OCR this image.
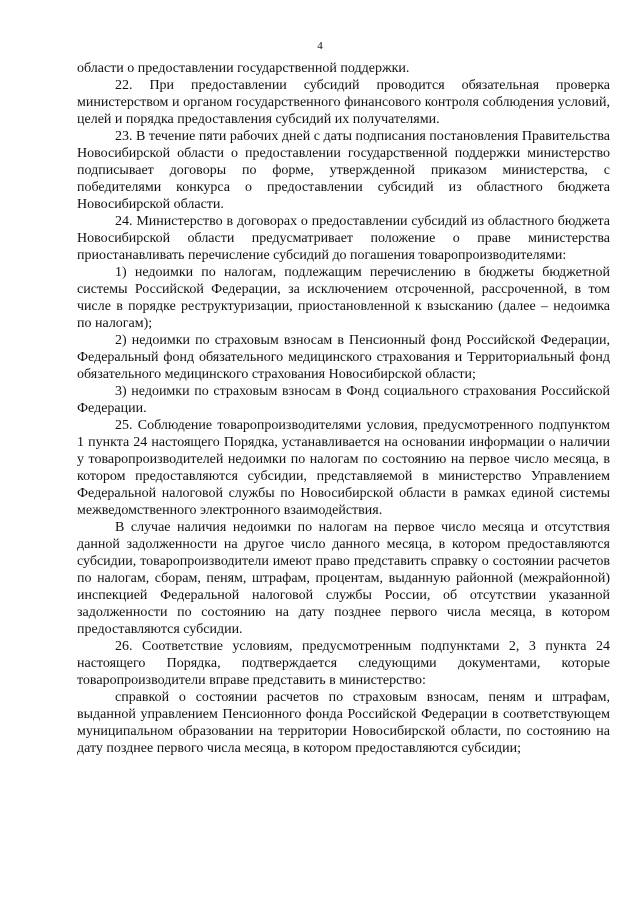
4

области о предоставлении государственной поддержки.

22. При предоставлении субсидий проводится обязательная проверка министерством и органом государственного финансового контроля соблюдения условий, целей и порядка предоставления субсидий их получателями.

23. В течение пяти рабочих дней с даты подписания постановления Правительства Новосибирской области о предоставлении государственной поддержки министерство подписывает договоры по форме, утвержденной приказом министерства, с победителями конкурса о предоставлении субсидий из областного бюджета Новосибирской области.

24. Министерство в договорах о предоставлении субсидий из областного бюджета Новосибирской области предусматривает положение о праве министерства приостанавливать перечисление субсидий до погашения товаропроизводителями:

1) недоимки по налогам, подлежащим перечислению в бюджеты бюджетной системы Российской Федерации, за исключением отсроченной, рассроченной, в том числе в порядке реструктуризации, приостановленной к взысканию (далее – недоимка по налогам);

2) недоимки по страховым взносам в Пенсионный фонд Российской Федерации, Федеральный фонд обязательного медицинского страхования и Территориальный фонд обязательного медицинского страхования Новосибирской области;

3) недоимки по страховым взносам в Фонд социального страхования Российской Федерации.

25. Соблюдение товаропроизводителями условия, предусмотренного подпунктом 1 пункта 24 настоящего Порядка, устанавливается на основании информации о наличии у товаропроизводителей недоимки по налогам по состоянию на первое число месяца, в котором предоставляются субсидии, представляемой в министерство Управлением Федеральной налоговой службы по Новосибирской области в рамках единой системы межведомственного электронного взаимодействия.

В случае наличия недоимки по налогам на первое число месяца и отсутствия данной задолженности на другое число данного месяца, в котором предоставляются субсидии, товаропроизводители имеют право представить справку о состоянии расчетов по налогам, сборам, пеням, штрафам, процентам, выданную районной (межрайонной) инспекцией Федеральной налоговой службы России, об отсутствии указанной задолженности по состоянию на дату позднее первого числа месяца, в котором предоставляются субсидии.

26. Соответствие условиям, предусмотренным подпунктами 2, 3 пункта 24 настоящего Порядка, подтверждается следующими документами, которые товаропроизводители вправе представить в министерство:

справкой о состоянии расчетов по страховым взносам, пеням и штрафам, выданной управлением Пенсионного фонда Российской Федерации в соответствующем муниципальном образовании на территории Новосибирской области, по состоянию на дату позднее первого числа месяца, в котором предоставляются субсидии;
